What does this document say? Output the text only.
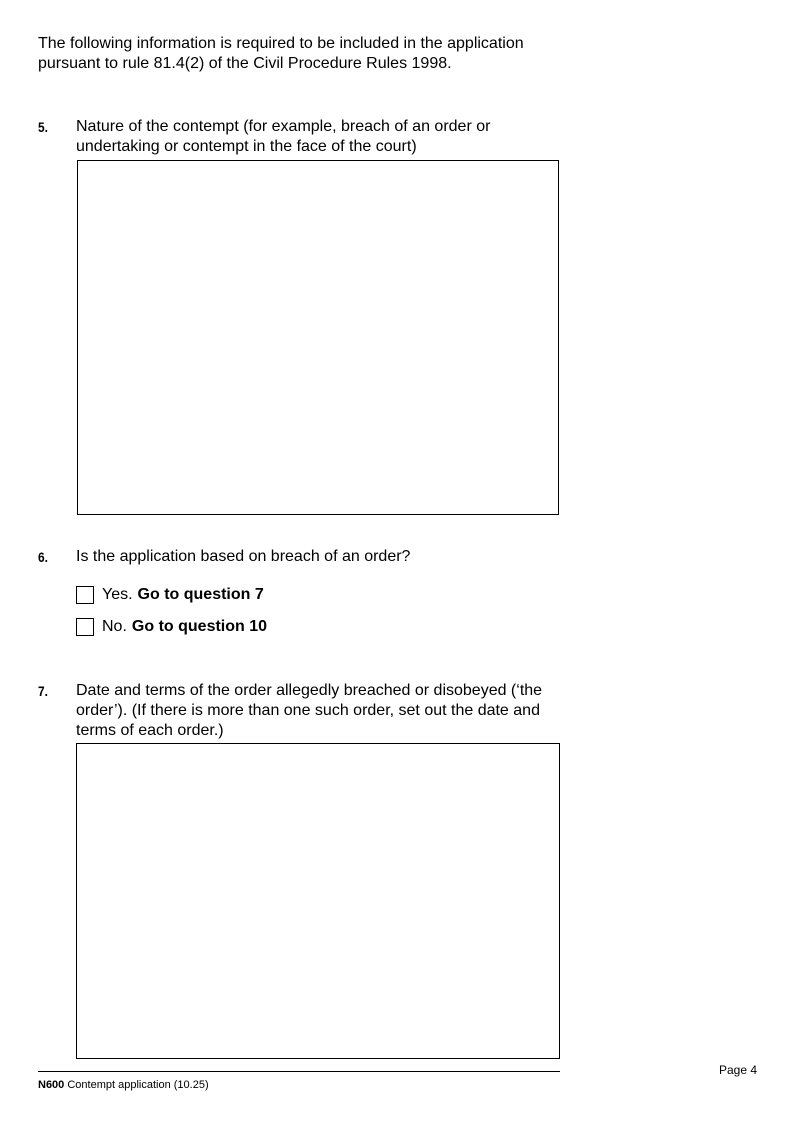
The following information is required to be included in the application pursuant to rule 81.4(2) of the Civil Procedure Rules 1998.
5. Nature of the contempt (for example, breach of an order or undertaking or contempt in the face of the court)
6. Is the application based on breach of an order?
Yes. Go to question 7
No. Go to question 10
7. Date and terms of the order allegedly breached or disobeyed (‘the order’). (If there is more than one such order, set out the date and terms of each order.)
N600 Contempt application (10.25)
Page 4
